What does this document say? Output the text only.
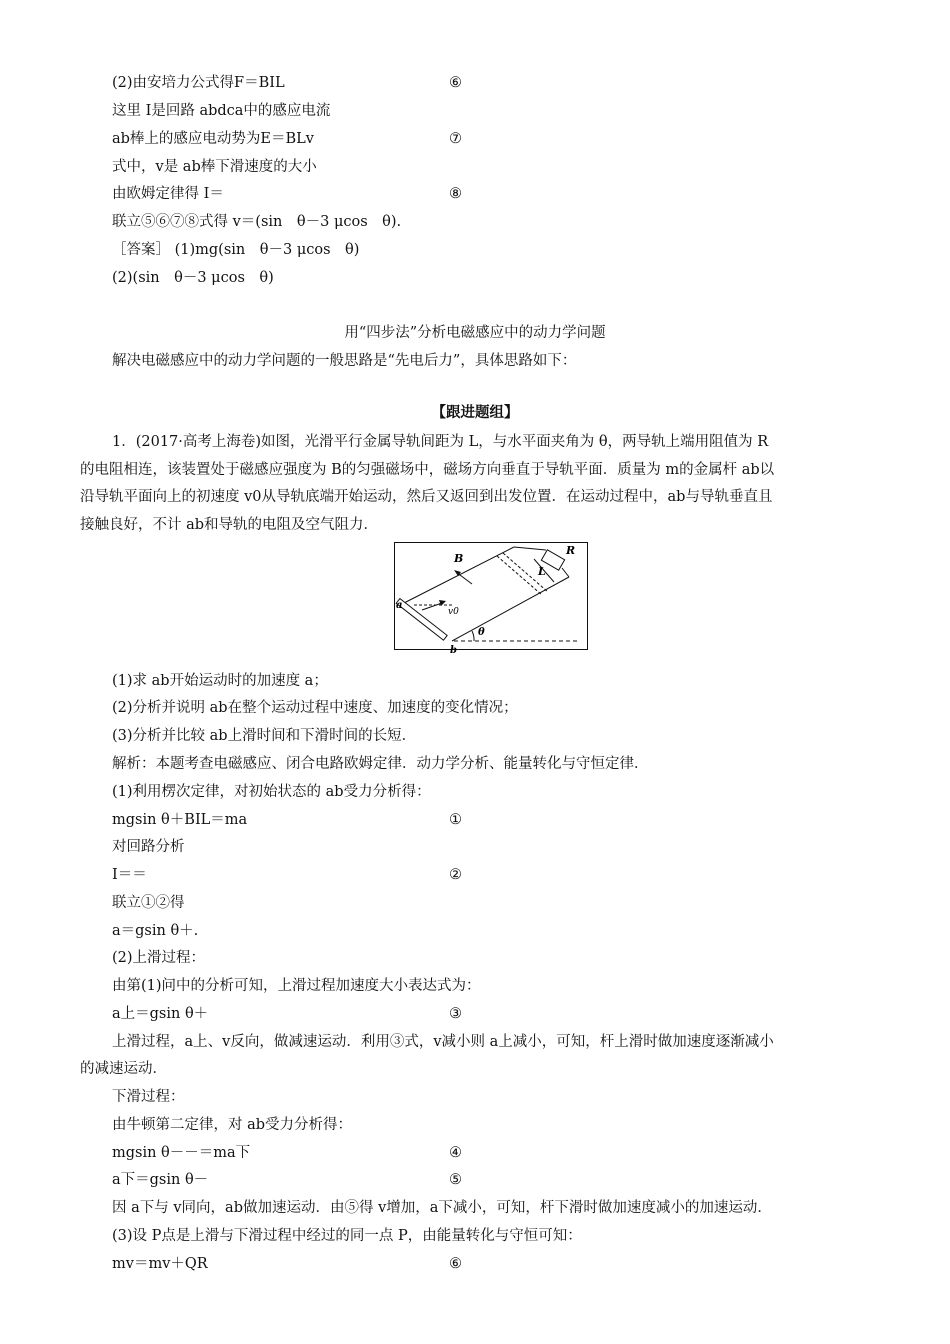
(2)由安培力公式得F＝BIL	⑥
这里 I是回路 abdca中的感应电流
ab棒上的感应电动势为E＝BLv	⑦
式中，v是 ab棒下滑速度的大小
由欧姆定律得 I＝	⑧
联立⑤⑥⑦⑧式得 v＝(sin　θ－3 μcos　θ).
［答案］ (1)mg(sin　θ－3 μcos　θ)
(2)(sin　θ－3 μcos　θ)
用“四步法”分析电磁感应中的动力学问题
解决电磁感应中的动力学问题的一般思路是“先电后力”，具体思路如下：
【跟进题组】
1．(2017·高考上海卷)如图，光滑平行金属导轨间距为 L，与水平面夹角为 θ，两导轨上端用阻值为 R
的电阻相连，该装置处于磁感应强度为 B的匀强磁场中，磁场方向垂直于导轨平面．质量为 m的金属杆 ab以
沿导轨平面向上的初速度 v0从导轨底端开始运动，然后又返回到出发位置．在运动过程中，ab与导轨垂直且
接触良好，不计 ab和导轨的电阻及空气阻力．
B
R
L
a
b
v0
θ
(1)求 ab开始运动时的加速度 a；
(2)分析并说明 ab在整个运动过程中速度、加速度的变化情况；
(3)分析并比较 ab上滑时间和下滑时间的长短．
解析：本题考查电磁感应、闭合电路欧姆定律．动力学分析、能量转化与守恒定律．
(1)利用楞次定律，对初始状态的 ab受力分析得：
mgsin θ＋BIL＝ma	①
对回路分析
I＝＝	②
联立①②得
a＝gsin θ＋.
(2)上滑过程：
由第(1)问中的分析可知，上滑过程加速度大小表达式为：
a上＝gsin θ＋	③
上滑过程，a上、v反向，做减速运动．利用③式，v减小则 a上减小，可知，杆上滑时做加速度逐渐减小
的减速运动．
下滑过程：
由牛顿第二定律，对 ab受力分析得：
mgsin θ－－＝ma下	④
a下＝gsin θ－	⑤
因 a下与 v同向，ab做加速运动．由⑤得 v增加，a下减小，可知，杆下滑时做加速度减小的加速运动．
(3)设 P点是上滑与下滑过程中经过的同一点 P，由能量转化与守恒可知：
mv＝mv＋QR	⑥
